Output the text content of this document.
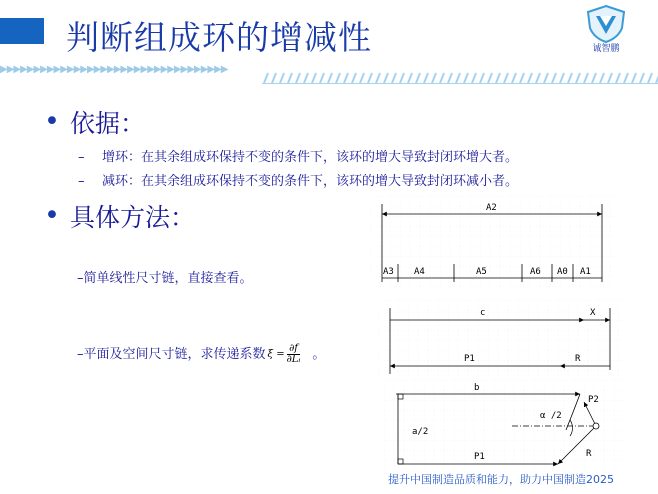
判断组成环的增减性	诚智鹏
▶▶▶▶▶▶▶▶▶▶▶▶▶▶▶▶▶▶▶▶▶▶▶▶▶▶▶▶▶▶▶▶▶▶
• 依据：
– 增环：在其余组成环保持不变的条件下，该环的增大导致封闭环增大者。
– 减环：在其余组成环保持不变的条件下，该环的增大导致封闭环减小者。
• 具体方法：
–简单线性尺寸链，直接查看。
–平面及空间尺寸链，求传递系数 $\xi = \frac{\partial f}{\text{∂Lᵢ}}$ 。
A2
A3 A4	A5	A6 A0 A1
c	X
P1	R
b
a/2
P1	R
P2
α /2
提升中国制造品质和能力，助力中国制造2025
